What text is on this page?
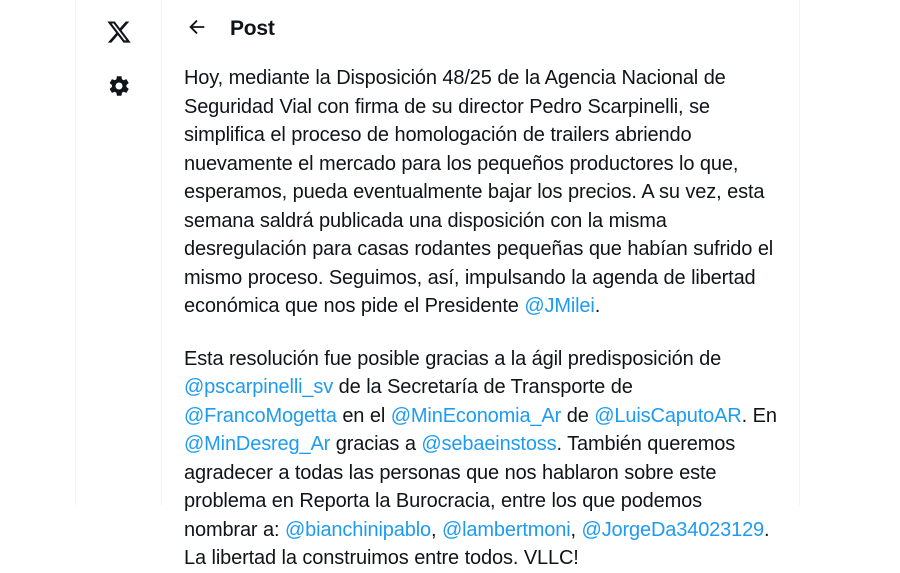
Post

Hoy, mediante la Disposición 48/25 de la Agencia Nacional de Seguridad Vial con firma de su director Pedro Scarpinelli, se simplifica el proceso de homologación de trailers abriendo nuevamente el mercado para los pequeños productores lo que, esperamos, pueda eventualmente bajar los precios. A su vez, esta semana saldrá publicada una disposición con la misma desregulación para casas rodantes pequeñas que habían sufrido el mismo proceso. Seguimos, así, impulsando la agenda de libertad económica que nos pide el Presidente @JMilei.

Esta resolución fue posible gracias a la ágil predisposición de @pscarpinelli_sv de la Secretaría de Transporte de @FrancoMogetta en el @MinEconomia_Ar de @LuisCaputoAR. En @MinDesreg_Ar gracias a @sebaeinstoss. También queremos agradecer a todas las personas que nos hablaron sobre este problema en Reporta la Burocracia, entre los que podemos nombrar a: @bianchinipablo, @lambertmoni, @JorgeDa34023129. La libertad la construimos entre todos. VLLC!
